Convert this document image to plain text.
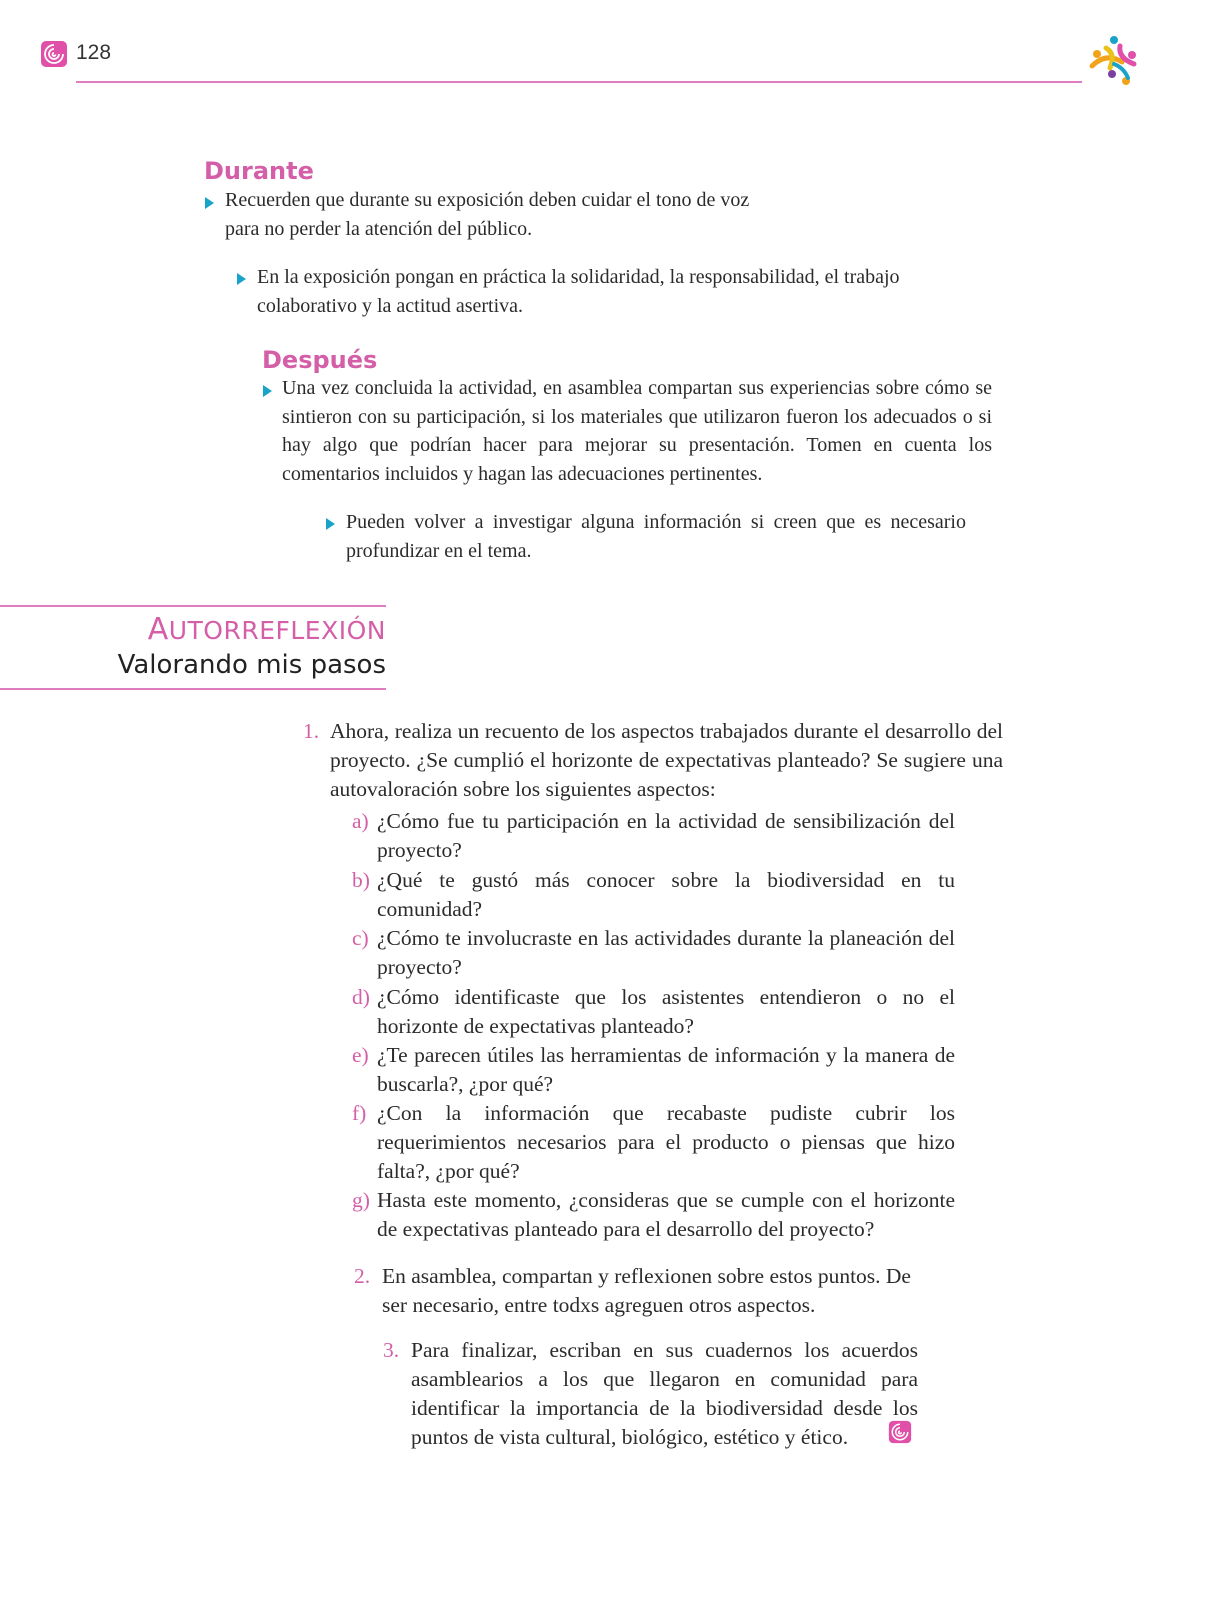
128
Durante
Recuerden que durante su exposición deben cuidar el tono de voz para no perder la atención del público.
En la exposición pongan en práctica la solidaridad, la responsabilidad, el trabajo colaborativo y la actitud asertiva.
Después
Una vez concluida la actividad, en asamblea compartan sus experiencias sobre cómo se sintieron con su participación, si los materiales que utilizaron fueron los adecuados o si hay algo que podrían hacer para mejorar su presentación. Tomen en cuenta los comentarios incluidos y hagan las adecuaciones pertinentes.
Pueden volver a investigar alguna información si creen que es necesario profundizar en el tema.
AUTORREFLEXIÓN
Valorando mis pasos
1. Ahora, realiza un recuento de los aspectos trabajados durante el desarrollo del proyecto. ¿Se cumplió el horizonte de expectativas planteado? Se sugiere una autovaloración sobre los siguientes aspectos:
a) ¿Cómo fue tu participación en la actividad de sensibilización del proyecto?
b) ¿Qué te gustó más conocer sobre la biodiversidad en tu comunidad?
c) ¿Cómo te involucraste en las actividades durante la planeación del proyecto?
d) ¿Cómo identificaste que los asistentes entendieron o no el horizonte de expectativas planteado?
e) ¿Te parecen útiles las herramientas de información y la manera de buscarla?, ¿por qué?
f) ¿Con la información que recabaste pudiste cubrir los requerimientos necesarios para el producto o piensas que hizo falta?, ¿por qué?
g) Hasta este momento, ¿consideras que se cumple con el horizonte de expectativas planteado para el desarrollo del proyecto?
2. En asamblea, compartan y reflexionen sobre estos puntos. De ser necesario, entre todxs agreguen otros aspectos.
3. Para finalizar, escriban en sus cuadernos los acuerdos asamblearios a los que llegaron en comunidad para identificar la importancia de la biodiversidad desde los puntos de vista cultural, biológico, estético y ético.
